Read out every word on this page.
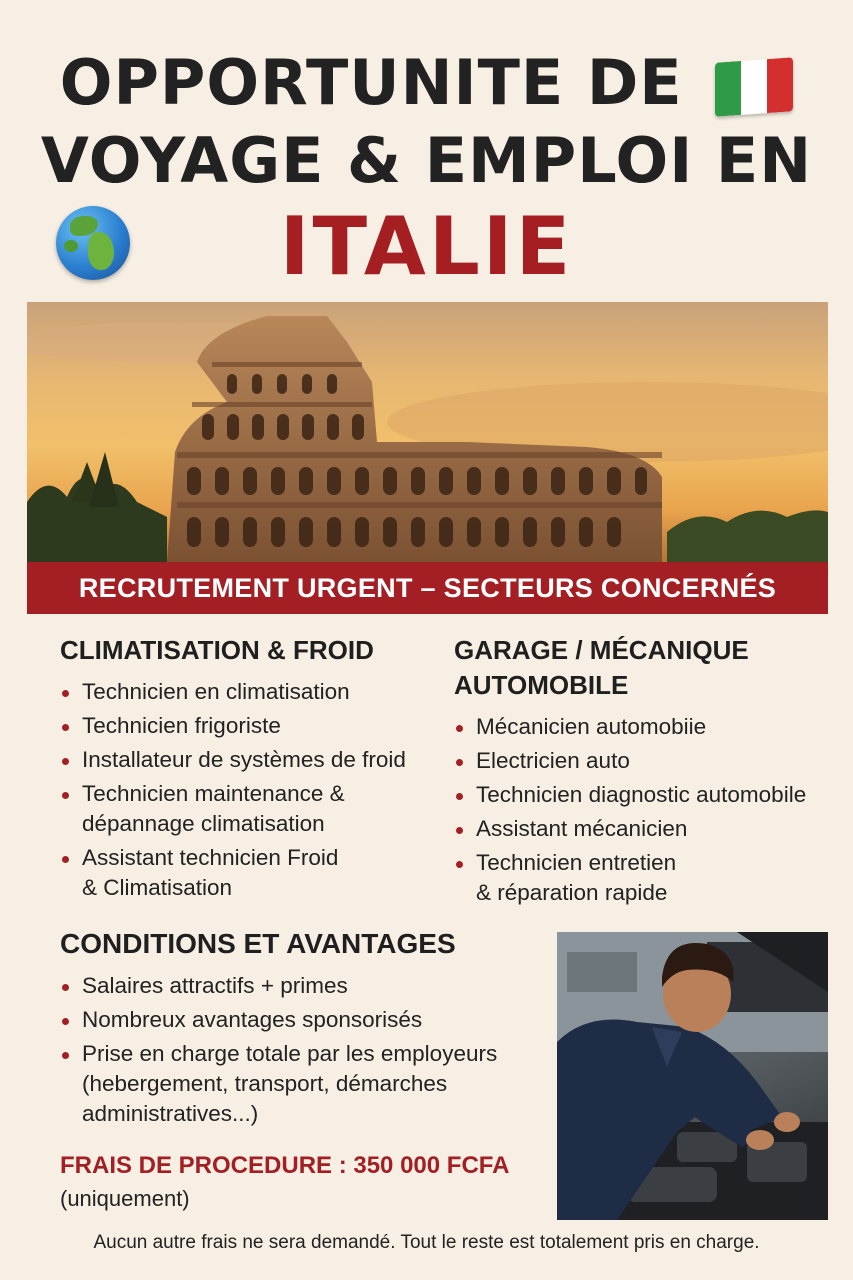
OPPORTUNITE DE
VOYAGE & EMPLOI EN
ITALIE
RECRUTEMENT URGENT – SECTEURS CONCERNÉS
CLIMATISATION & FROID
Technicien en climatisation
Technicien frigoriste
Installateur de systèmes de froid
Technicien maintenance &
dépannage climatisation
Assistant technicien Froid
& Climatisation
GARAGE / MÉCANIQUE
AUTOMOBILE
Mécanicien automobiie
Electricien auto
Technicien diagnostic automobile
Assistant mécanicien
Technicien entretien
& réparation rapide
CONDITIONS ET AVANTAGES
Salaires attractifs + primes
Nombreux avantages sponsorisés
Prise en charge totale par les employeurs
(hebergement, transport, démarches
administratives...)
FRAIS DE PROCEDURE : 350 000 FCFA
(uniquement)
Aucun autre frais ne sera demandé. Tout le reste est totalement pris en charge.
